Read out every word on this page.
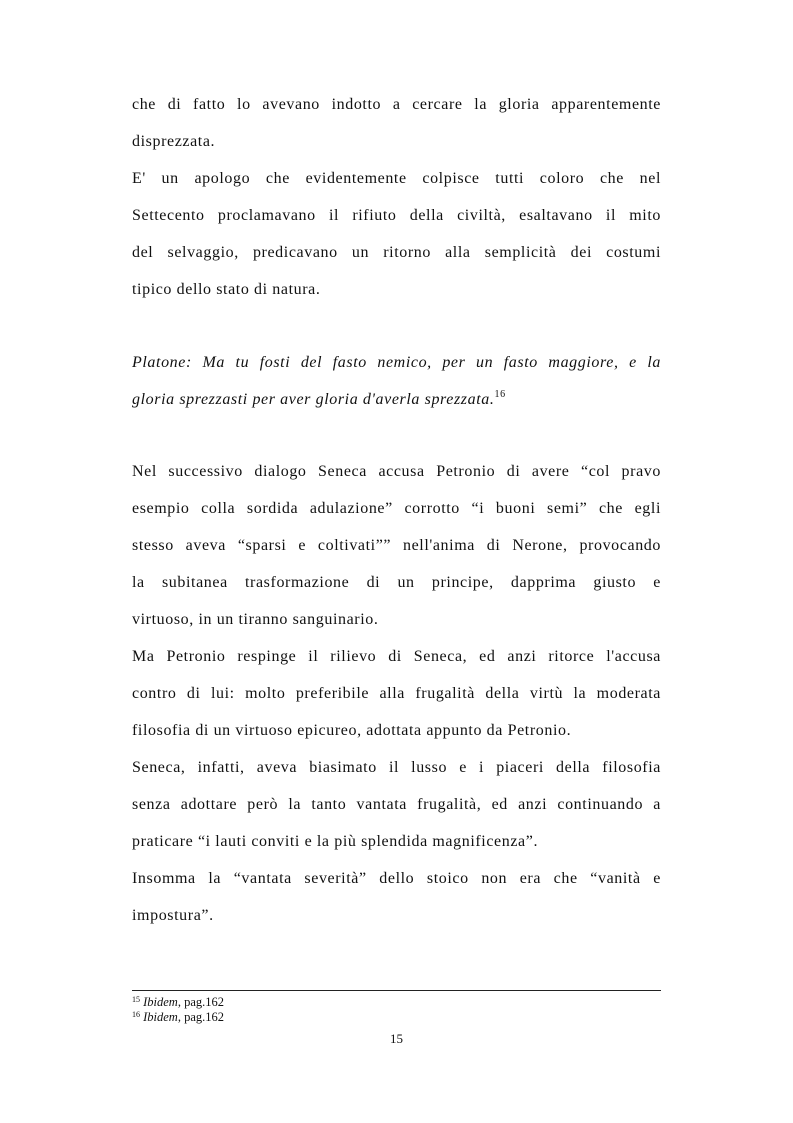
che di fatto lo avevano indotto a cercare la gloria apparentemente
disprezzata.
E' un apologo che evidentemente colpisce tutti coloro che nel
Settecento proclamavano il rifiuto della civiltà, esaltavano il mito
del selvaggio, predicavano un ritorno alla semplicità dei costumi
tipico dello stato di natura.
Platone: Ma tu fosti del fasto nemico, per un fasto maggiore, e la
gloria sprezzasti per aver gloria d'averla sprezzata.$^{16}$
Nel successivo dialogo Seneca accusa Petronio di avere “col pravo
esempio colla sordida adulazione” corrotto “i buoni semi” che egli
stesso aveva “sparsi e coltivati”” nell'anima di Nerone, provocando
la subitanea trasformazione di un principe, dapprima giusto e
virtuoso, in un tiranno sanguinario.
Ma Petronio respinge il rilievo di Seneca, ed anzi ritorce l'accusa
contro di lui: molto preferibile alla frugalità della virtù la moderata
filosofia di un virtuoso epicureo, adottata appunto da Petronio.
Seneca, infatti, aveva biasimato il lusso e i piaceri della filosofia
senza adottare però la tanto vantata frugalità, ed anzi continuando a
praticare “i lauti conviti e la più splendida magnificenza”.
Insomma la “vantata severità” dello stoico non era che “vanità e
impostura”.
$^{15}$ Ibidem, pag.162
$^{16}$ Ibidem, pag.162
15
